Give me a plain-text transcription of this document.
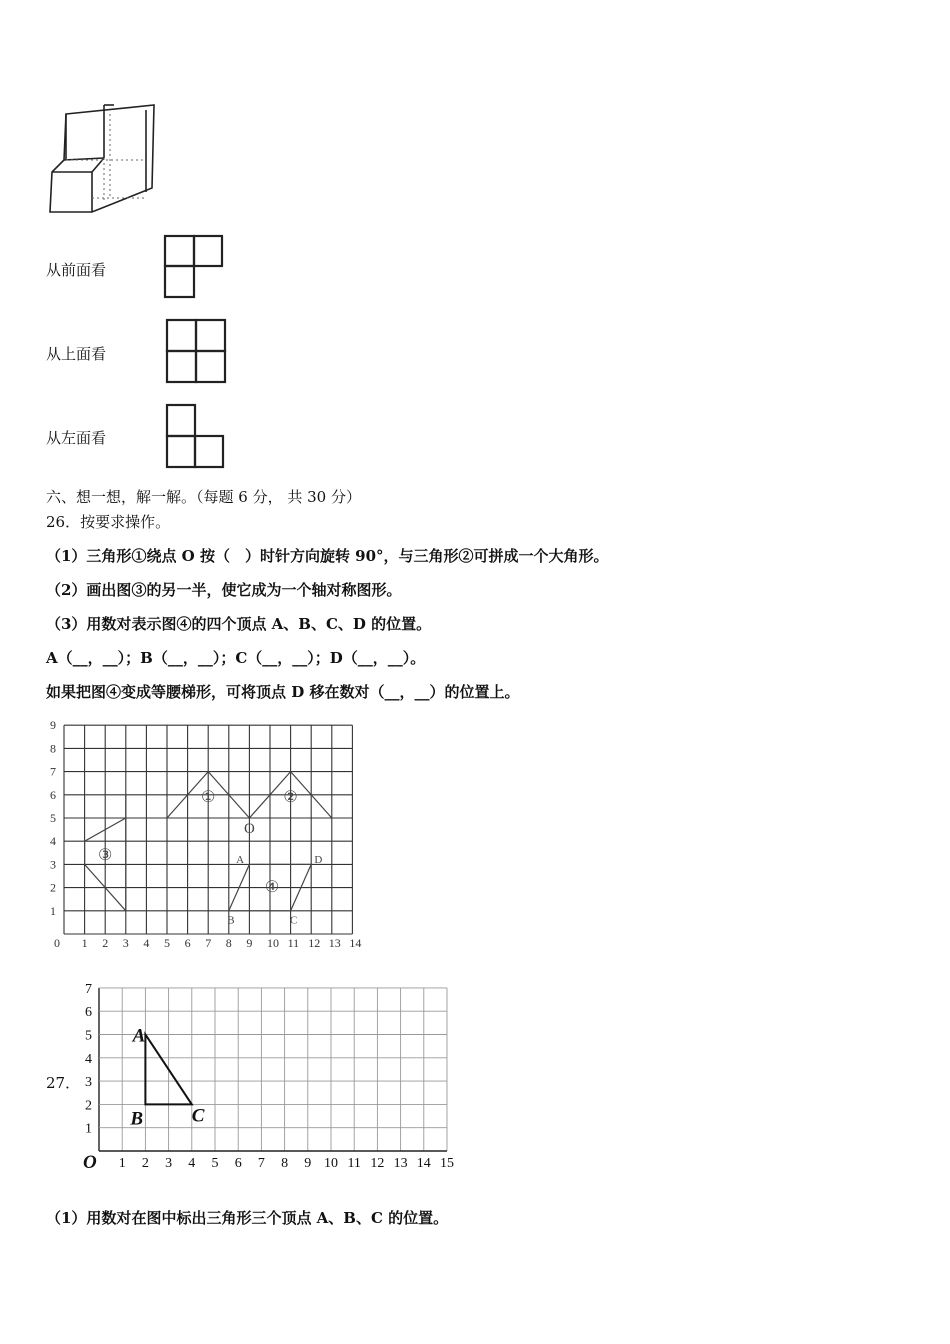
从前面看
从上面看
从左面看
六、想一想，解一解。（每题 6 分， 共 30 分）
26．按要求操作。
（1）三角形①绕点 O 按（　）时针方向旋转 90°，与三角形②可拼成一个大角形。
（2）画出图③的另一半，使它成为一个轴对称图形。
（3）用数对表示图④的四个顶点 A、B、C、D 的位置。
A（__，__）；B（__，__）；C（__，__）；D（__，__）。
如果把图④变成等腰梯形，可将顶点 D 移在数对（__，__）的位置上。
0 1 2 3 4 5 6 7 8 9 10 11 12 13 14
1
2
3
4
5
6
7
8
9
①	②
③
④
O
A
B	C
D
27．
O 1 2 3 4 5 6 7 8 9 10 11 12 13 14 15
1
2
3
4
5
6
7
A
B	C
（1）用数对在图中标出三角形三个顶点 A、B、C 的位置。
